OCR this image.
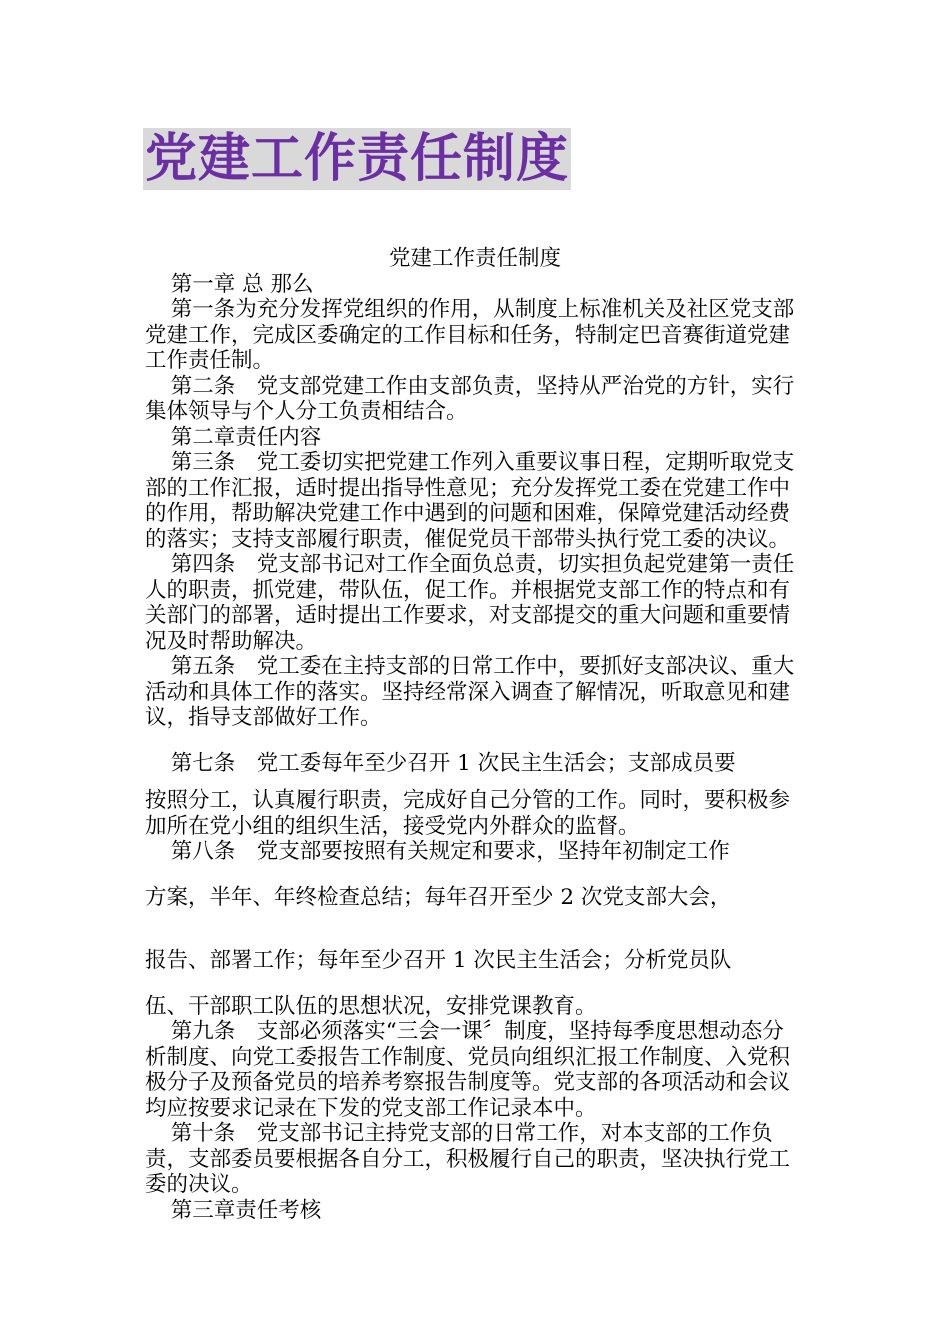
党建工作责任制度

党建工作责任制度

第一章 总 那么

第一条为充分发挥党组织的作用，从制度上标准机关及社区党支部党建工作，完成区委确定的工作目标和任务，特制定巴音赛街道党建工作责任制。

第二条　党支部党建工作由支部负责，坚持从严治党的方针，实行集体领导与个人分工负责相结合。

第二章责任内容

第三条　党工委切实把党建工作列入重要议事日程，定期听取党支部的工作汇报，适时提出指导性意见；充分发挥党工委在党建工作中的作用，帮助解决党建工作中遇到的问题和困难，保障党建活动经费的落实；支持支部履行职责，催促党员干部带头执行党工委的决议。

第四条　党支部书记对工作全面负总责，切实担负起党建第一责任人的职责，抓党建，带队伍，促工作。并根据党支部工作的特点和有关部门的部署，适时提出工作要求，对支部提交的重大问题和重要情况及时帮助解决。

第五条　党工委在主持支部的日常工作中，要抓好支部决议、重大活动和具体工作的落实。坚持经常深入调查了解情况，听取意见和建议，指导支部做好工作。

第七条　党工委每年至少召开 1 次民主生活会；支部成员要

按照分工，认真履行职责，完成好自己分管的工作。同时，要积极参加所在党小组的组织生活，接受党内外群众的监督。

第八条　党支部要按照有关规定和要求，坚持年初制定工作

方案，半年、年终检查总结；每年召开至少 2 次党支部大会，

报告、部署工作；每年至少召开 1 次民主生活会；分析党员队

伍、干部职工队伍的思想状况，安排党课教育。

第九条　支部必须落实“三会一课〞制度，坚持每季度思想动态分析制度、向党工委报告工作制度、党员向组织汇报工作制度、入党积极分子及预备党员的培养考察报告制度等。党支部的各项活动和会议均应按要求记录在下发的党支部工作记录本中。

第十条　党支部书记主持党支部的日常工作，对本支部的工作负责，支部委员要根据各自分工，积极履行自己的职责，坚决执行党工委的决议。

第三章责任考核
